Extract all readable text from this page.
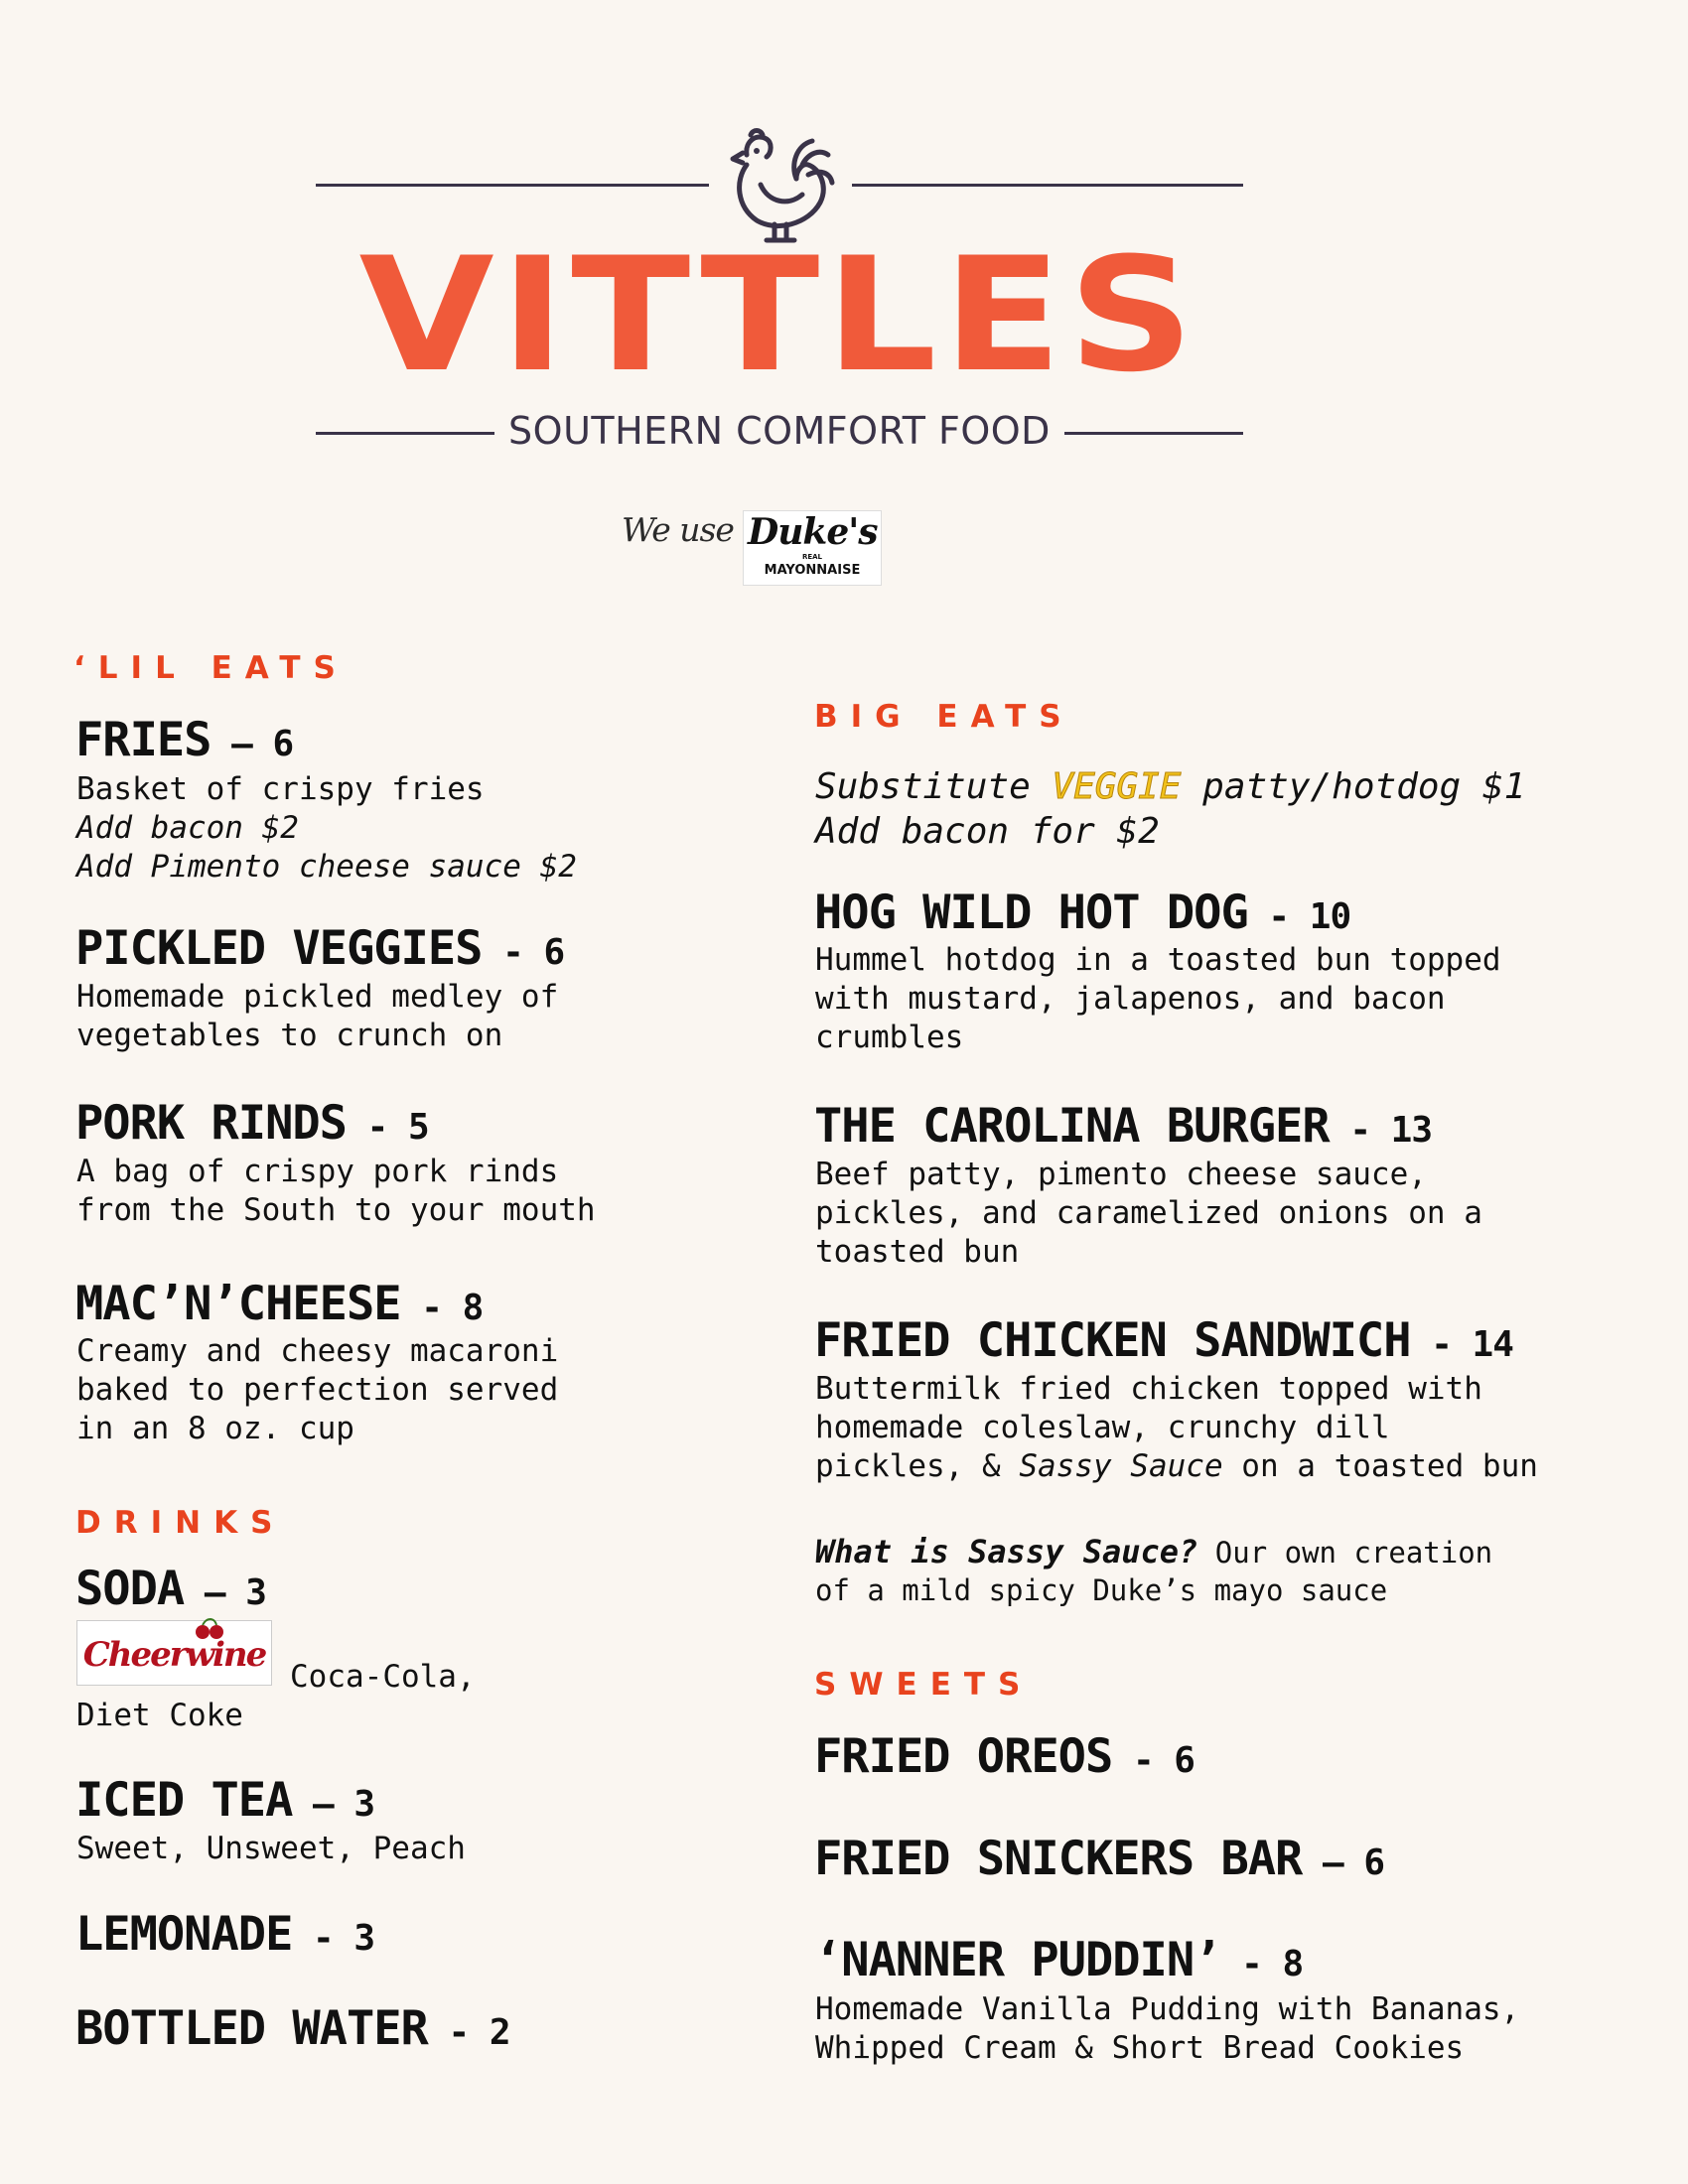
VITTLES
SOUTHERN COMFORT FOOD
We use Duke's
REAL
MAYONNAISE
‘LIL EATS
FRIES – 6
Basket of crispy fries
Add bacon $2
Add Pimento cheese sauce $2
PICKLED VEGGIES - 6
Homemade pickled medley of
vegetables to crunch on
PORK RINDS - 5
A bag of crispy pork rinds
from the South to your mouth
MAC’N’CHEESE - 8
Creamy and cheesy macaroni
baked to perfection served
in an 8 oz. cup
DRINKS
SODA – 3
Cheerwine
Coca-Cola,
Diet Coke
ICED TEA – 3
Sweet, Unsweet, Peach
LEMONADE - 3
BOTTLED WATER - 2
BIG EATS
Substitute VEGGIE patty/hotdog $1
Add bacon for $2
HOG WILD HOT DOG - 10
Hummel hotdog in a toasted bun topped
with mustard, jalapenos, and bacon
crumbles
THE CAROLINA BURGER - 13
Beef patty, pimento cheese sauce,
pickles, and caramelized onions on a
toasted bun
FRIED CHICKEN SANDWICH - 14
Buttermilk fried chicken topped with
homemade coleslaw, crunchy dill
pickles, & Sassy Sauce on a toasted bun
What is Sassy Sauce? Our own creation
of a mild spicy Duke’s mayo sauce
SWEETS
FRIED OREOS - 6
FRIED SNICKERS BAR – 6
‘NANNER PUDDIN’ - 8
Homemade Vanilla Pudding with Bananas,
Whipped Cream & Short Bread Cookies
